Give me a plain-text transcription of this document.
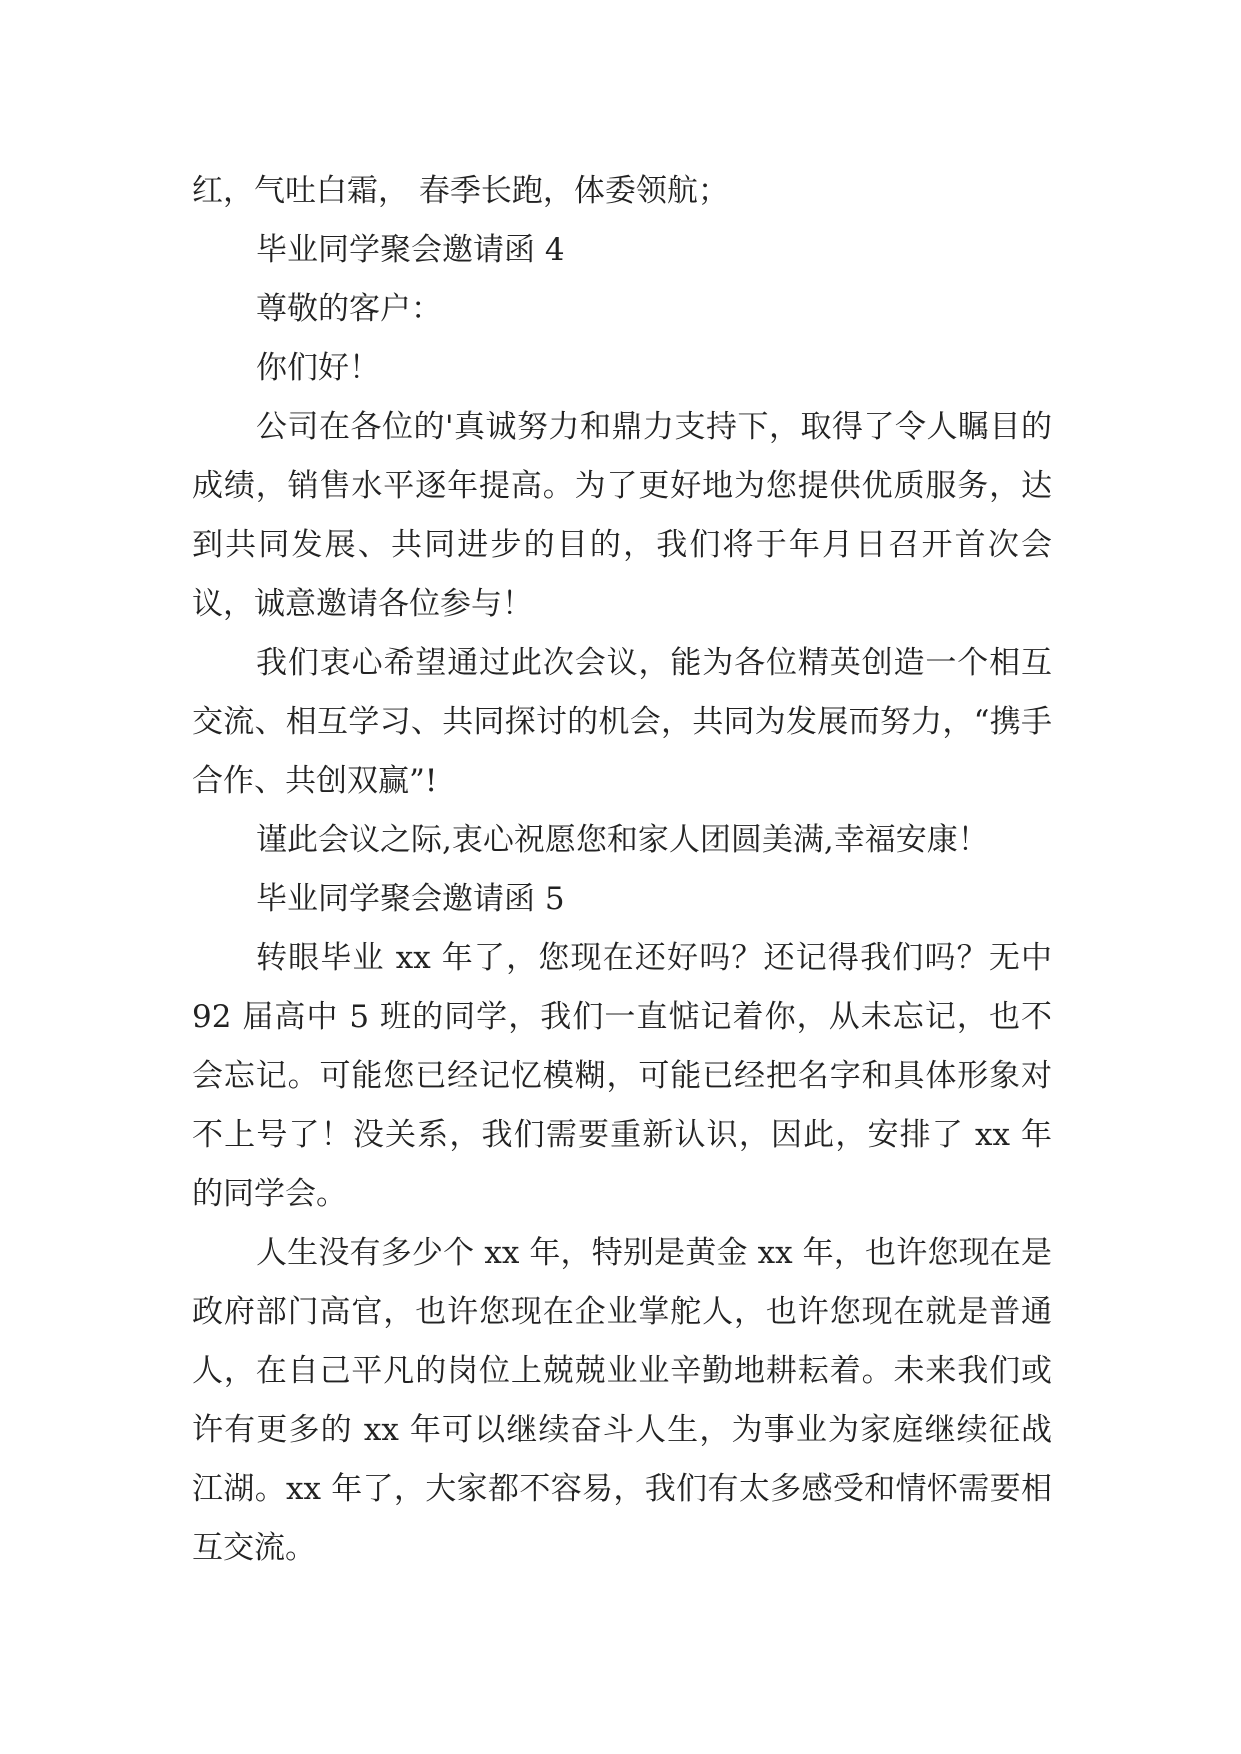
红，气吐白霜， 春季长跑，体委领航；

毕业同学聚会邀请函 4

尊敬的客户：

你们好！

公司在各位的'真诚努力和鼎力支持下，取得了令人瞩目的成绩，销售水平逐年提高。为了更好地为您提供优质服务，达到共同发展、共同进步的目的，我们将于年月日召开首次会议，诚意邀请各位参与！

我们衷心希望通过此次会议，能为各位精英创造一个相互交流、相互学习、共同探讨的机会，共同为发展而努力，“携手合作、共创双赢”!

谨此会议之际,衷心祝愿您和家人团圆美满,幸福安康！

毕业同学聚会邀请函 5

转眼毕业 xx 年了，您现在还好吗？还记得我们吗？无中 92 届高中 5 班的同学，我们一直惦记着你，从未忘记，也不会忘记。可能您已经记忆模糊，可能已经把名字和具体形象对不上号了！没关系，我们需要重新认识，因此，安排了 xx 年的同学会。

人生没有多少个 xx 年，特别是黄金 xx 年，也许您现在是政府部门高官，也许您现在企业掌舵人，也许您现在就是普通人，在自己平凡的岗位上兢兢业业辛勤地耕耘着。未来我们或许有更多的 xx 年可以继续奋斗人生，为事业为家庭继续征战江湖。xx 年了，大家都不容易，我们有太多感受和情怀需要相互交流。
